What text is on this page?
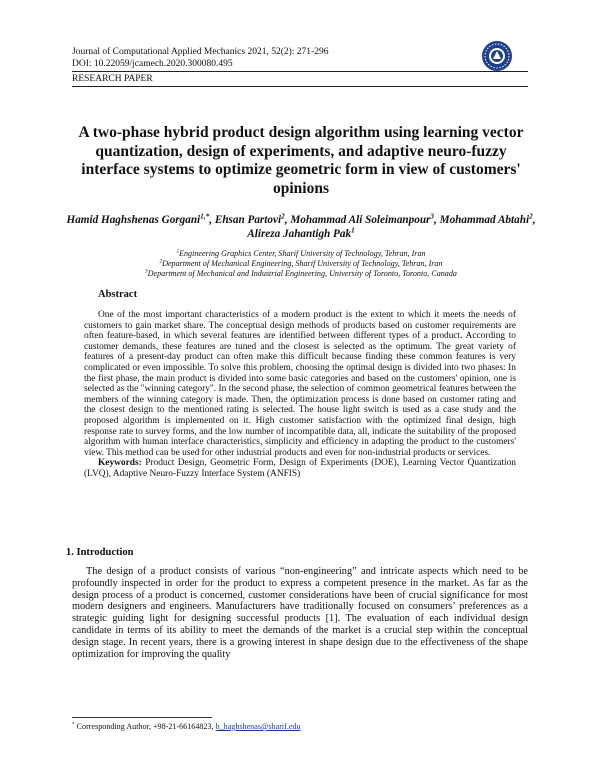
Journal of Computational Applied Mechanics 2021, 52(2): 271-296
DOI: 10.22059/jcamech.2020.300080.495
RESEARCH PAPER
A two-phase hybrid product design algorithm using learning vector quantization, design of experiments, and adaptive neuro-fuzzy interface systems to optimize geometric form in view of customers' opinions
Hamid Haghshenas Gorgani$^{1,*}$, Ehsan Partovi$^2$, Mohammad Ali Soleimanpour$^3$, Mohammad Abtahi$^2$, Alireza Jahantigh Pak$^1$
$^1$Engineering Graphics Center, Sharif University of Technology, Tehran, Iran
$^2$Department of Mechanical Engineering, Sharif University of Technology, Tehran, Iran
$^3$Department of Mechanical and Industrial Engineering, University of Toronto, Toronto, Canada
Abstract

One of the most important characteristics of a modern product is the extent to which it meets the needs of customers to gain market share. The conceptual design methods of products based on customer requirements are often feature-based, in which several features are identified between different types of a product. According to customer demands, these features are tuned and the closest is selected as the optimum. The great variety of features of a present-day product can often make this difficult because finding these common features is very complicated or even impossible. To solve this problem, choosing the optimal design is divided into two phases: In the first phase, the main product is divided into some basic categories and based on the customers' opinion, one is selected as the "winning category". In the second phase, the selection of common geometrical features between the members of the winning category is made. Then, the optimization process is done based on customer rating and the closest design to the mentioned rating is selected. The house light switch is used as a case study and the proposed algorithm is implemented on it. High customer satisfaction with the optimized final design, high response rate to survey forms, and the low number of incompatible data, all, indicate the suitability of the proposed algorithm with human interface characteristics, simplicity and efficiency in adapting the product to the customers' view. This method can be used for other industrial products and even for non-industrial products or services.

Keywords: Product Design, Geometric Form, Design of Experiments (DOE), Learning Vector Quantization (LVQ), Adaptive Neuro-Fuzzy Interface System (ANFIS)

1. Introduction

The design of a product consists of various “non-engineering” and intricate aspects which need to be profoundly inspected in order for the product to express a competent presence in the market. As far as the design process of a product is concerned, customer considerations have been of crucial significance for most modern designers and engineers. Manufacturers have traditionally focused on consumers’ preferences as a strategic guiding light for designing successful products [1]. The evaluation of each individual design candidate in terms of its ability to meet the demands of the market is a crucial step within the conceptual design stage. In recent years, there is a growing interest in shape design due to the effectiveness of the shape optimization for improving the quality

* Corresponding Author, +98-21-66164823, h_haghshenas@sharif.edu
